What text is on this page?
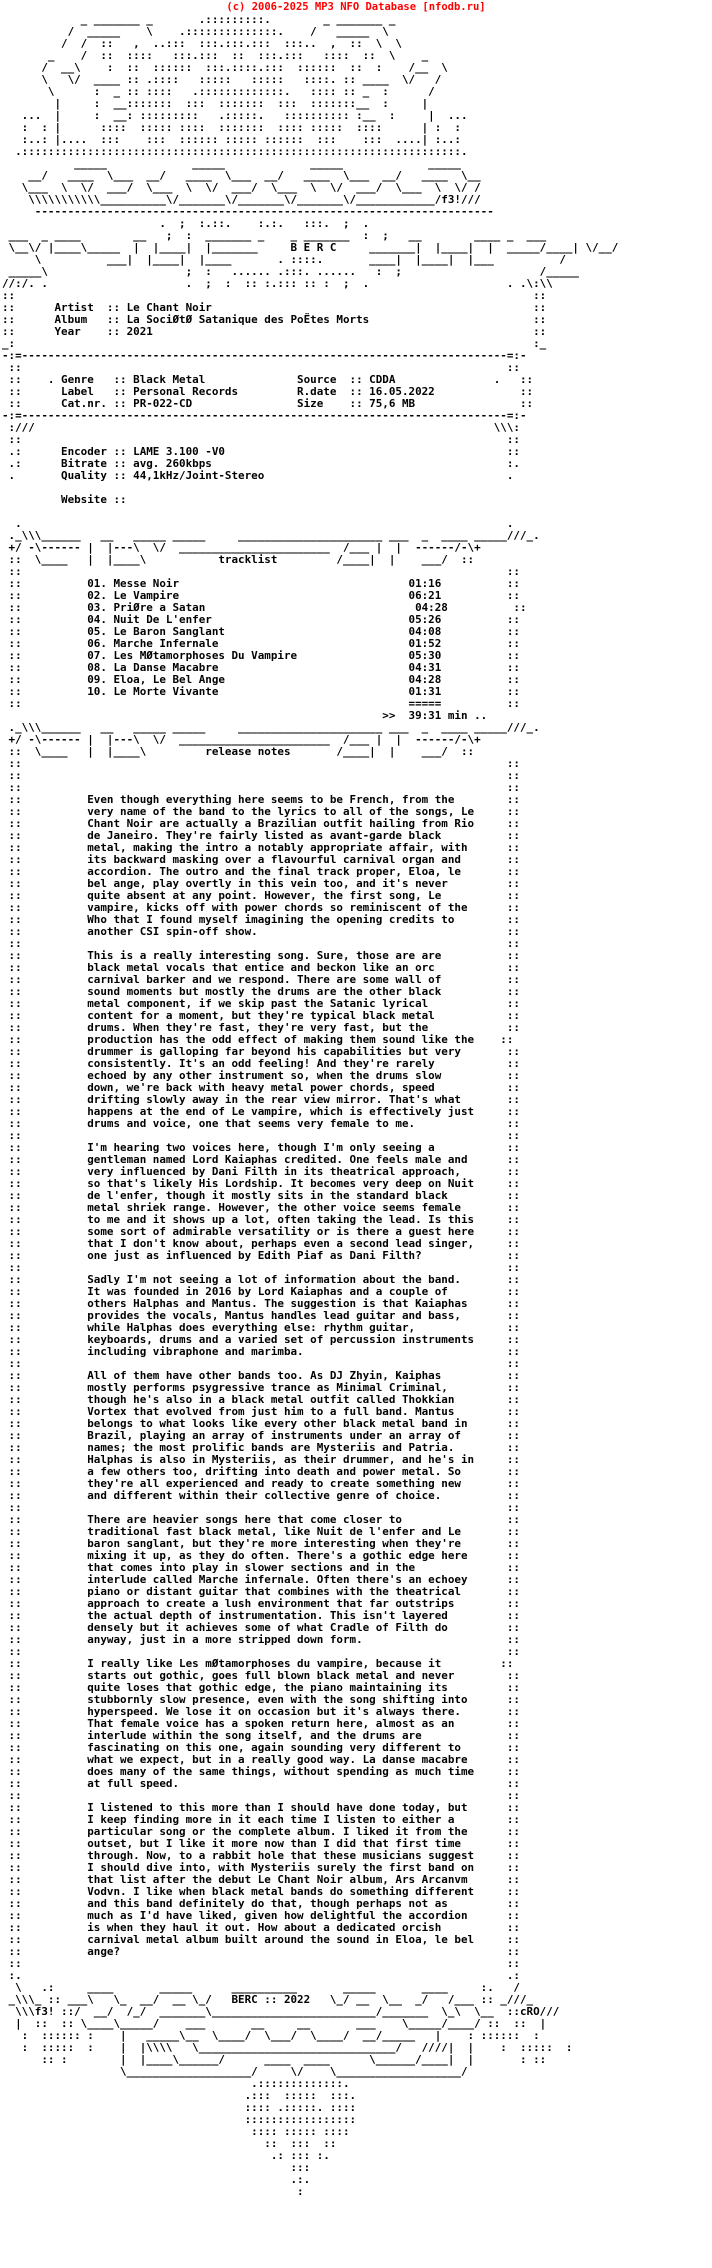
(c) 2006-2025 MP3 NFO Database [nfodb.ru]
_ _______ _       .:::::::::.        _ _______ _
/  _____    \    .::::::::::::::.    /   _____  \
/  /  ::   ,  ..:::  :::.:::.:::  :::..  ,  ::  \  \
_    /  ::  ::::   :::.:::  ::  :::.:::   ::::  ::  \    _
/  __\    :  ::  ::::::  :::.::::.:::  ::::::  ::  :    /__  \
\   \/  ____ :: .::::   :::::   :::::   ::::. :: ____  \/   /
\      :  _ :: ::::   .:::::::::::::.   :::: :: _  :      /
|     :  __:::::::  :::  :::::::  :::  :::::::__  :     |
...  |     :  __: :::::::::   .:::::.   :::::::::: :__  :     |  ...
:  : |      ::::  ::::: ::::  :::::::  :::: :::::  ::::      | :  :
:..: |....  :::    :::  :::::: ::::: ::::::  :::    :::  ....| :..:
.:::::::::::::::::::::::::::::::::::::::::::::::::::::::::::::::::::.
_____             _____             _____             _____
__/   ____  \___  __/   ____  \___  __/   ____  \___  __/   ____  \__
\___  \  \/  ___/  \___  \  \/  ___/  \___  \  \/  ___/  \___  \  \/ /
\\\\\\\\\\\__________\/_______\/_______\/_______\/____________/f3!///
----------------------------------------------------------------------
.  ;  :.::.    :.:.   :::.  ;  .
___  _ ____        __   ;  :  _______ _    _ _______  :  ;   __        ____ _  ___
\__\/ |____\_____  |  |____|  |_______     B E R C     _______|  |____|  |  _____/____| \/__/
\          ___|  |____|  |____       . ::::.       ____|  |____|  |___          /
_____\                     ;  :   ...... .:::. ......   :  ;                     /_____
//:/. .                     .  ;  :  :: :.::: :: :  ;  .                     . .\:\\
::                                                                               ::
::      Artist  :: Le Chant Noir                                                 ::
::      Album   :: La SociØtØ Satanique des PoËtes Morts                         ::
::      Year    :: 2021                                                          ::
_:                                                                               :_
-:=--------------------------------------------------------------------------=:-
::                                                                          ::
::    . Genre   :: Black Metal              Source  :: CDDA               .   ::
::      Label   :: Personal Records         R.date  :: 16.05.2022             ::
::      Cat.nr. :: PR-022-CD                Size    :: 75,6 MB                ::
-:=--------------------------------------------------------------------------=:-
:///                                                                      \\\:
::                                                                          ::
.:      Encoder :: LAME 3.100 -V0                                           ::
.:      Bitrate :: avg. 260kbps                                             :.
.       Quality :: 44,1kHz/Joint-Stereo                                     .

Website ::

.                                                                          .
._\\\______   __   _____ _____     ______________________ ___  _  ____ _____///_.
+/ -\------ |  |---\  \/  _______________________  /___ |  |  ------/-\+
::  \____   |  |____\           tracklist         /____|  |    ___/  ::
::                                                                          ::
::          01. Messe Noir                                   01:16          ::
::          02. Le Vampire                                   06:21          ::
::          03. PriØre a Satan                                04:28          ::
::          04. Nuit De L'enfer                              05:26          ::
::          05. Le Baron Sanglant                            04:08          ::
::          06. Marche Infernale                             01:52          ::
::          07. Les MØtamorphoses Du Vampire                 05:30          ::
::          08. La Danse Macabre                             04:31          ::
::          09. Eloa, Le Bel Ange                            04:28          ::
::          10. Le Morte Vivante                             01:31          ::
::                                                           =====          ::
>>  39:31 min ..
._\\\______   __   _____ _____     ______________________ ___  _  ____ _____///_.
+/ -\------ |  |---\  \/  _______________________  /___ |  |  ------/-\+
::  \____   |  |____\         release notes       /____|  |    ___/  ::
::                                                                          ::
::                                                                          ::
::                                                                          ::
::          Even though everything here seems to be French, from the        ::
::          very name of the band to the lyrics to all of the songs, Le     ::
::          Chant Noir are actually a Brazilian outfit hailing from Rio     ::
::          de Janeiro. They're fairly listed as avant-garde black          ::
::          metal, making the intro a notably appropriate affair, with      ::
::          its backward masking over a flavourful carnival organ and       ::
::          accordion. The outro and the final track proper, Eloa, le       ::
::          bel ange, play overtly in this vein too, and it's never         ::
::          quite absent at any point. However, the first song, Le          ::
::          vampire, kicks off with power chords so reminiscent of the      ::
::          Who that I found myself imagining the opening credits to        ::
::          another CSI spin-off show.                                      ::
::                                                                          ::
::          This is a really interesting song. Sure, those are are          ::
::          black metal vocals that entice and beckon like an orc           ::
::          carnival barker and we respond. There are some wall of          ::
::          sound moments but mostly the drums are the other black          ::
::          metal component, if we skip past the Satanic lyrical            ::
::          content for a moment, but they're typical black metal           ::
::          drums. When they're fast, they're very fast, but the            ::
::          production has the odd effect of making them sound like the    ::
::          drummer is galloping far beyond his capabilities but very       ::
::          consistently. It's an odd feeling! And they're rarely           ::
::          echoed by any other instrument so, when the drums slow          ::
::          down, we're back with heavy metal power chords, speed           ::
::          drifting slowly away in the rear view mirror. That's what       ::
::          happens at the end of Le vampire, which is effectively just     ::
::          drums and voice, one that seems very female to me.              ::
::                                                                          ::
::          I'm hearing two voices here, though I'm only seeing a           ::
::          gentleman named Lord Kaiaphas credited. One feels male and      ::
::          very influenced by Dani Filth in its theatrical approach,       ::
::          so that's likely His Lordship. It becomes very deep on Nuit     ::
::          de l'enfer, though it mostly sits in the standard black         ::
::          metal shriek range. However, the other voice seems female       ::
::          to me and it shows up a lot, often taking the lead. Is this     ::
::          some sort of admirable versatility or is there a guest here     ::
::          that I don't know about, perhaps even a second lead singer,     ::
::          one just as influenced by Edith Piaf as Dani Filth?             ::
::                                                                          ::
::          Sadly I'm not seeing a lot of information about the band.       ::
::          It was founded in 2016 by Lord Kaiaphas and a couple of         ::
::          others Halphas and Mantus. The suggestion is that Kaiaphas      ::
::          provides the vocals, Mantus handles lead guitar and bass,       ::
::          while Halphas does everything else: rhythm guitar,              ::
::          keyboards, drums and a varied set of percussion instruments     ::
::          including vibraphone and marimba.                               ::
::                                                                          ::
::          All of them have other bands too. As DJ Zhyin, Kaiphas          ::
::          mostly performs psygressive trance as Minimal Criminal,         ::
::          though he's also in a black metal outfit called Thokkian        ::
::          Vortex that evolved from just him to a full band. Mantus        ::
::          belongs to what looks like every other black metal band in      ::
::          Brazil, playing an array of instruments under an array of       ::
::          names; the most prolific bands are Mysteriis and Patria.        ::
::          Halphas is also in Mysteriis, as their drummer, and he's in     ::
::          a few others too, drifting into death and power metal. So       ::
::          they're all experienced and ready to create something new       ::
::          and different within their collective genre of choice.          ::
::                                                                          ::
::          There are heavier songs here that come closer to                ::
::          traditional fast black metal, like Nuit de l'enfer and Le       ::
::          baron sanglant, but they're more interesting when they're       ::
::          mixing it up, as they do often. There's a gothic edge here      ::
::          that comes into play in slower sections and in the              ::
::          interlude called Marche infernale. Often there's an echoey      ::
::          piano or distant guitar that combines with the theatrical       ::
::          approach to create a lush environment that far outstrips        ::
::          the actual depth of instrumentation. This isn't layered         ::
::          densely but it achieves some of what Cradle of Filth do         ::
::          anyway, just in a more stripped down form.                      ::
::                                                                          ::
::          I really like Les mØtamorphoses du vampire, because it         ::
::          starts out gothic, goes full blown black metal and never        ::
::          quite loses that gothic edge, the piano maintaining its         ::
::          stubbornly slow presence, even with the song shifting into      ::
::          hyperspeed. We lose it on occasion but it's always there.       ::
::          That female voice has a spoken return here, almost as an        ::
::          interlude within the song itself, and the drums are             ::
::          fascinating on this one, again sounding very different to       ::
::          what we expect, but in a really good way. La danse macabre      ::
::          does many of the same things, without spending as much time     ::
::          at full speed.                                                  ::
::                                                                          ::
::          I listened to this more than I should have done today, but      ::
::          I keep finding more in it each time I listen to either a        ::
::          particular song or the complete album. I liked it from the      ::
::          outset, but I like it more now than I did that first time       ::
::          through. Now, to a rabbit hole that these musicians suggest     ::
::          I should dive into, with Mysteriis surely the first band on     ::
::          that list after the debut Le Chant Noir album, Ars Arcanvm      ::
::          Vodvn. I like when black metal bands do something different     ::
::          and this band definitely do that, though perhaps not as         ::
::          much as I'd have liked, given how delightful the accordion      ::
::          is when they haul it out. How about a dedicated orcish          ::
::          carnival metal album built around the sound in Eloa, le bel     ::
::          ange?                                                           ::
::                                                                          ::
:.                                                                          .:
\   .:     ____       _____      __________       _____       ____     :.   /
_\\\_ :: ___\   \_  __/  __ \_/   BERC :: 2022   \_/ __  \__  _/   /___ :: _///_
\\\f3! ::/  __/  /_/  _______\_________________________/_______  \_\  \__  ::cRO///
|  ::  :: \____\_____/    ___       __     __       ___    \_____/____/ ::  ::  |
:  :::::: :    |   _____\__  \____/  \___/  \____/  __/_____   |    : ::::::  :
:  :::::  :    |  |\\\\   \______________________________/   ////|  |    :  :::::  :
:: :        |  |____\______/      ____  ____      \______/____|  |       : ::
\___________________/     \/    \___________________/
.:::::::::::::.
.:::  :::::  :::.
:::: .:::::. ::::
:::::::::::::::::
:::: ::::: ::::
::  :::  ::
.: ::: :.
:::
.:.
:
